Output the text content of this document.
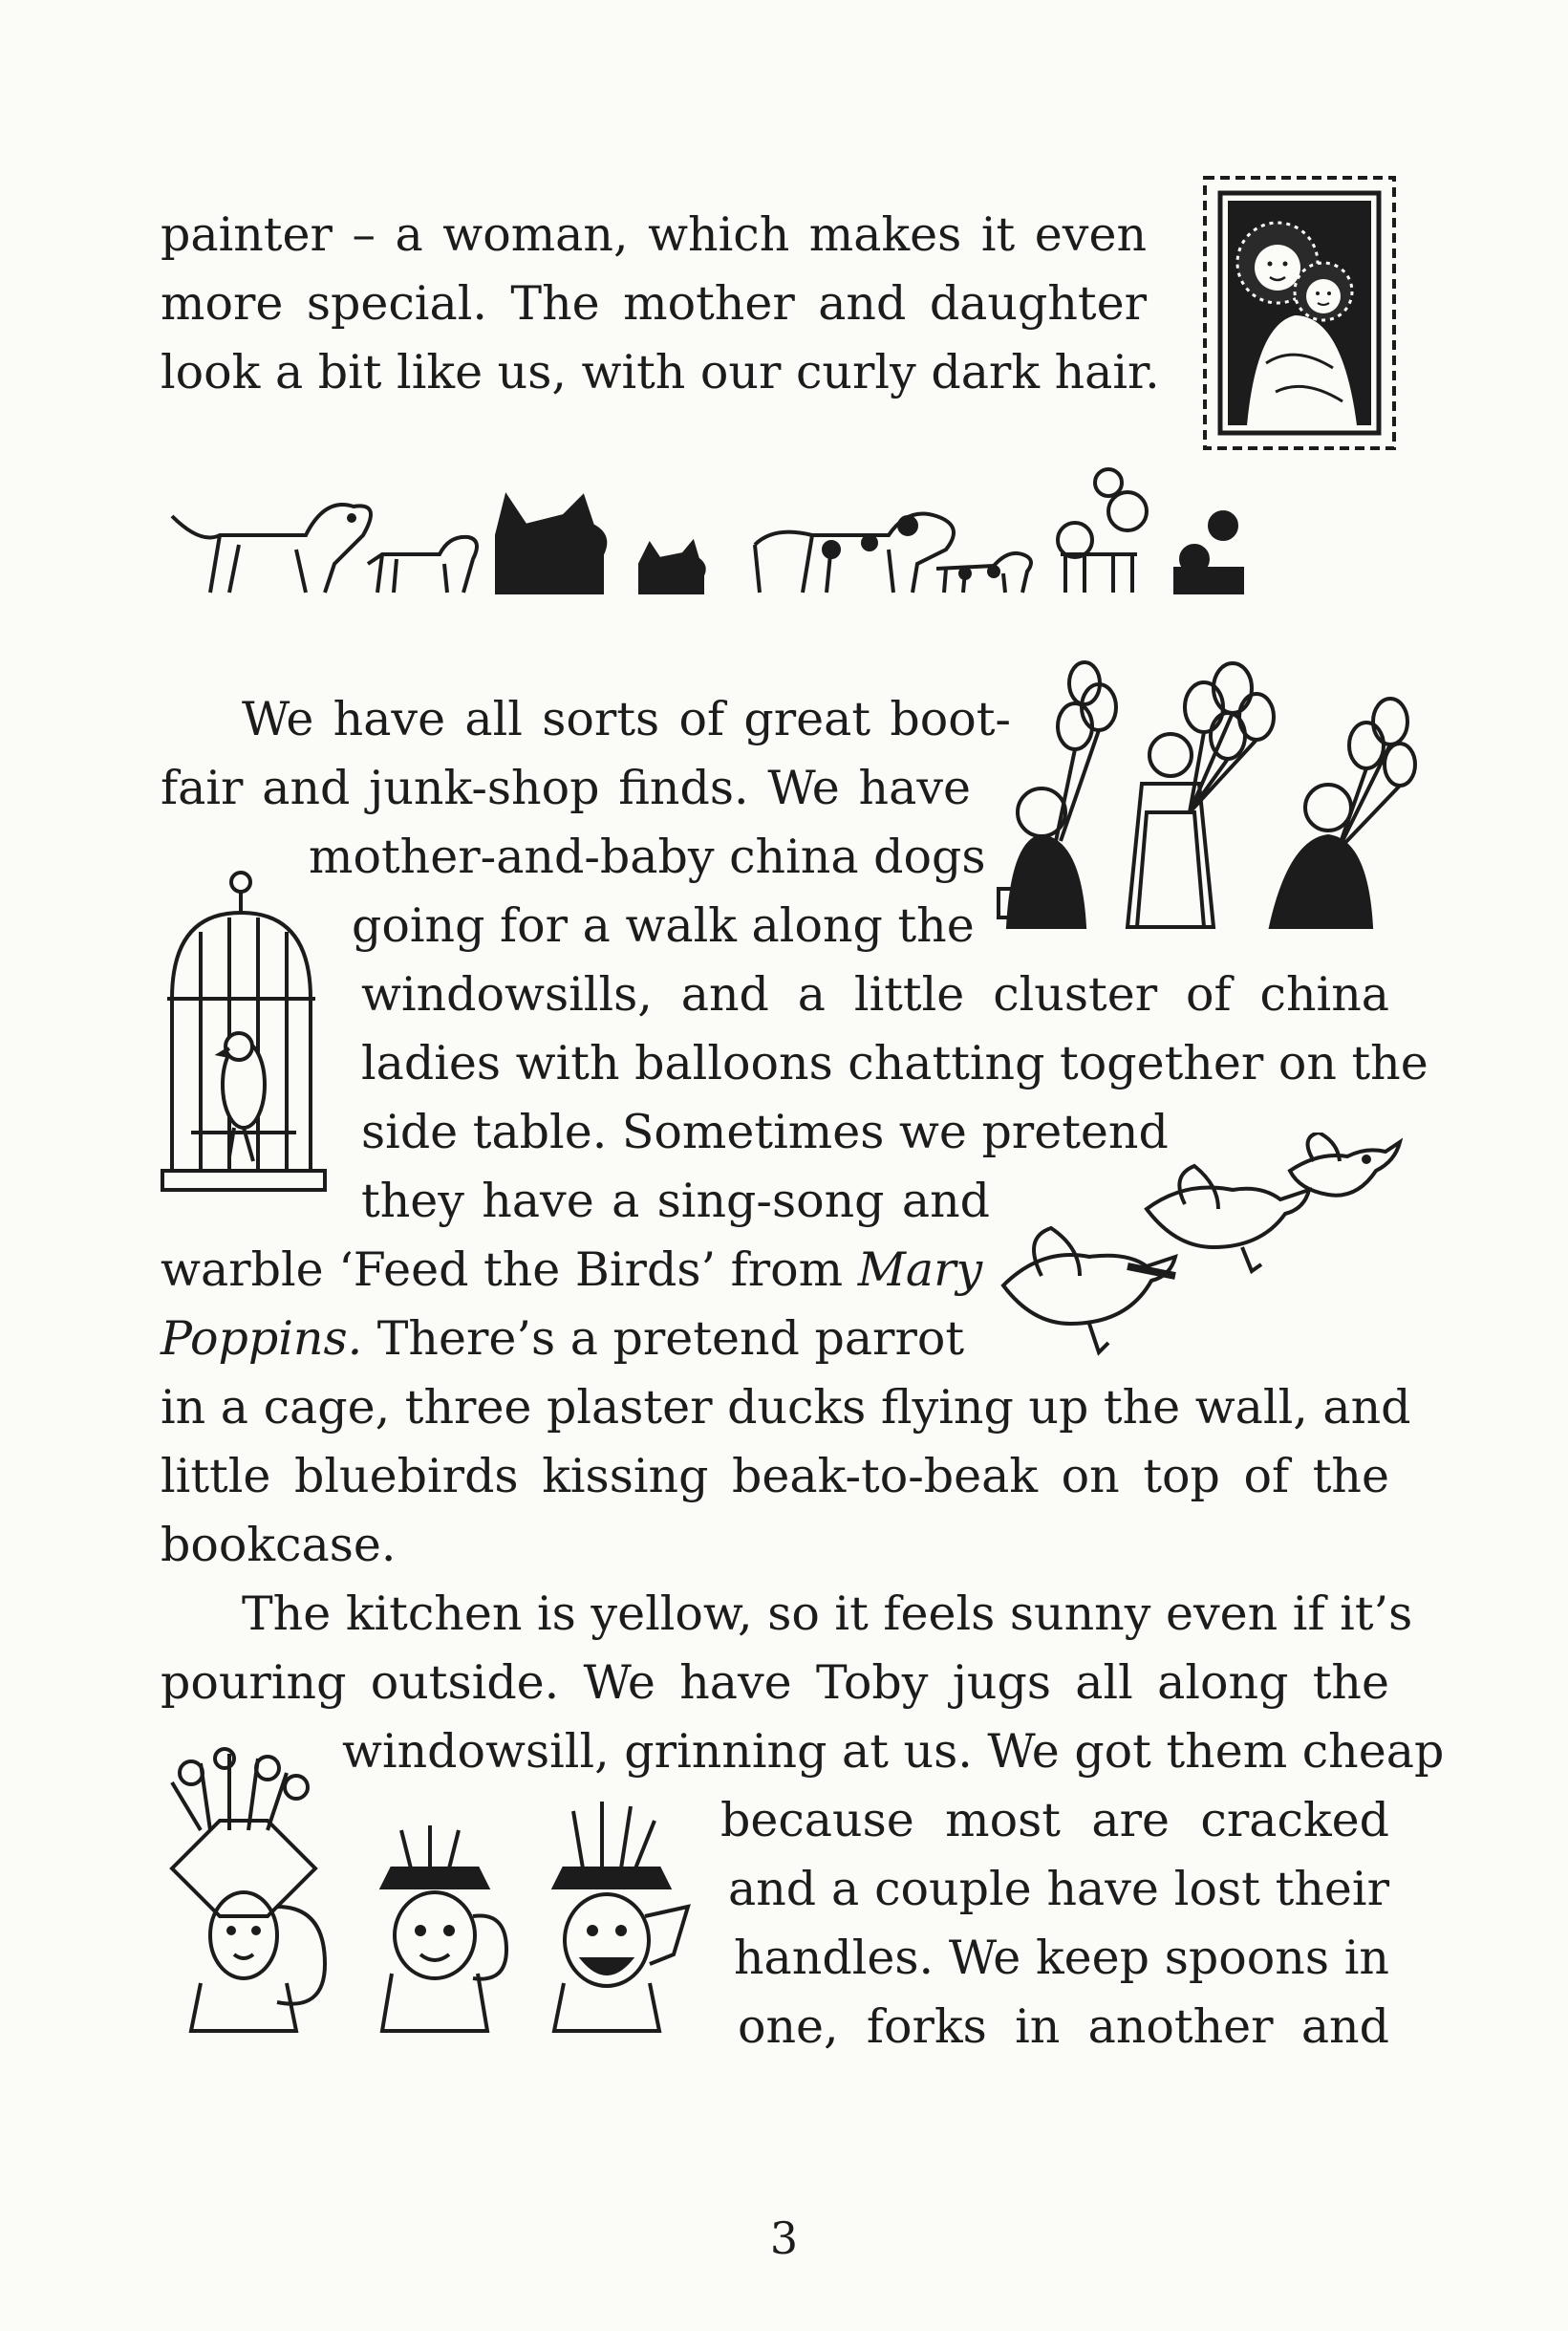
painter – a woman, which makes it even
more special. The mother and daughter
look a bit like us, with our curly dark hair.
We have all sorts of great boot-
fair and junk-shop finds. We have
mother-and-baby china dogs
going for a walk along the
windowsills, and a little cluster of china
ladies with balloons chatting together on the
side table. Sometimes we pretend
they have a sing-song and
warble ‘Feed the Birds’ from Mary
Poppins. There’s a pretend parrot
in a cage, three plaster ducks flying up the wall, and
little bluebirds kissing beak-to-beak on top of the
bookcase.
The kitchen is yellow, so it feels sunny even if it’s
pouring outside. We have Toby jugs all along the
windowsill, grinning at us. We got them cheap
because most are cracked
and a couple have lost their
handles. We keep spoons in
one, forks in another and
3
